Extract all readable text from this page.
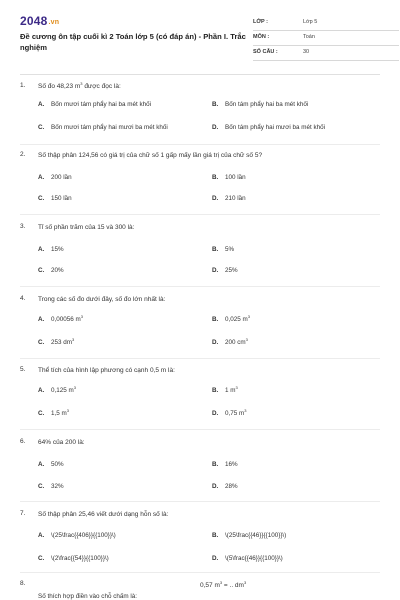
2048.vn
Đề cương ôn tập cuối kì 2 Toán lớp 5 (có đáp án) - Phần I. Trắc nghiệm
LỚP :	Lớp 5
MÔN :	Toán
SỐ CÂU :	30
1. Số đo 48,23 $m^3$ được đọc là:
A. Bốn mươi tám phẩy hai ba mét khối	B. Bốn tám phẩy hai ba mét khối
C. Bốn mươi tám phẩy hai mươi ba mét khối	D. Bốn tám phẩy hai mươi ba mét khối
2. Số thập phân 124,56 có giá trị của chữ số 1 gấp mấy lần giá trị của chữ số 5?
A. 200 lần	B. 100 lần
C. 150 lần	D. 210 lần
3. Tỉ số phần trăm của 15 và 300 là:
A. 15%	B. 5%
C. 20%	D. 25%
4. Trong các số đo dưới đây, số đo lớn nhất là:
A. 0,00056 $m^3$	B. 0,025 $m^3$
C. 253 $dm^3$	D. 200 $cm^3$
5. Thể tích của hình lập phương có cạnh 0,5 m là:
A. 0,125 $m^3$	B. 1 $m^3$
C. 1,5 $m^3$	D. 0,75 $m^3$
6. 64% của 200 là:
A. 50%	B. 16%
C. 32%	D. 28%
7. Số thập phân 25,46 viết dưới dạng hỗn số là:
A. \(25\frac{{406}}{{100}}\)	B. \(25\frac{{46}}{{100}}\)
C. \(2\frac{{54}}{{100}}\)	D. \(5\frac{{46}}{{100}}\)
8.	0,57 $m^3$ = .. $dm^3$
Số thích hợp điền vào chỗ chấm là:
